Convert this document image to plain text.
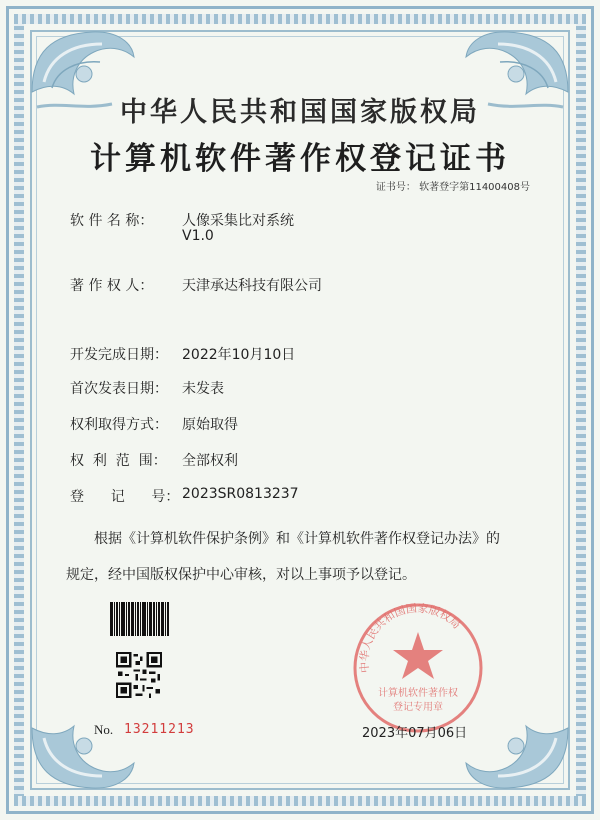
中华人民共和国国家版权局
计算机软件著作权登记证书
证书号： 软著登字第11400408号
软 件 名 称： 人像采集比对系统
V1.0
著 作 权 人： 天津承达科技有限公司
开发完成日期： 2022年10月10日
首次发表日期： 未发表
权利取得方式： 原始取得
权  利  范  围： 全部权利
登      记      号： 2023SR0813237
根据《计算机软件保护条例》和《计算机软件著作权登记办法》的
规定，经中国版权保护中心审核，对以上事项予以登记。
中华人民共和国国家版权局
计算机软件著作权
登记专用章
No. 13211213	2023年07月06日
